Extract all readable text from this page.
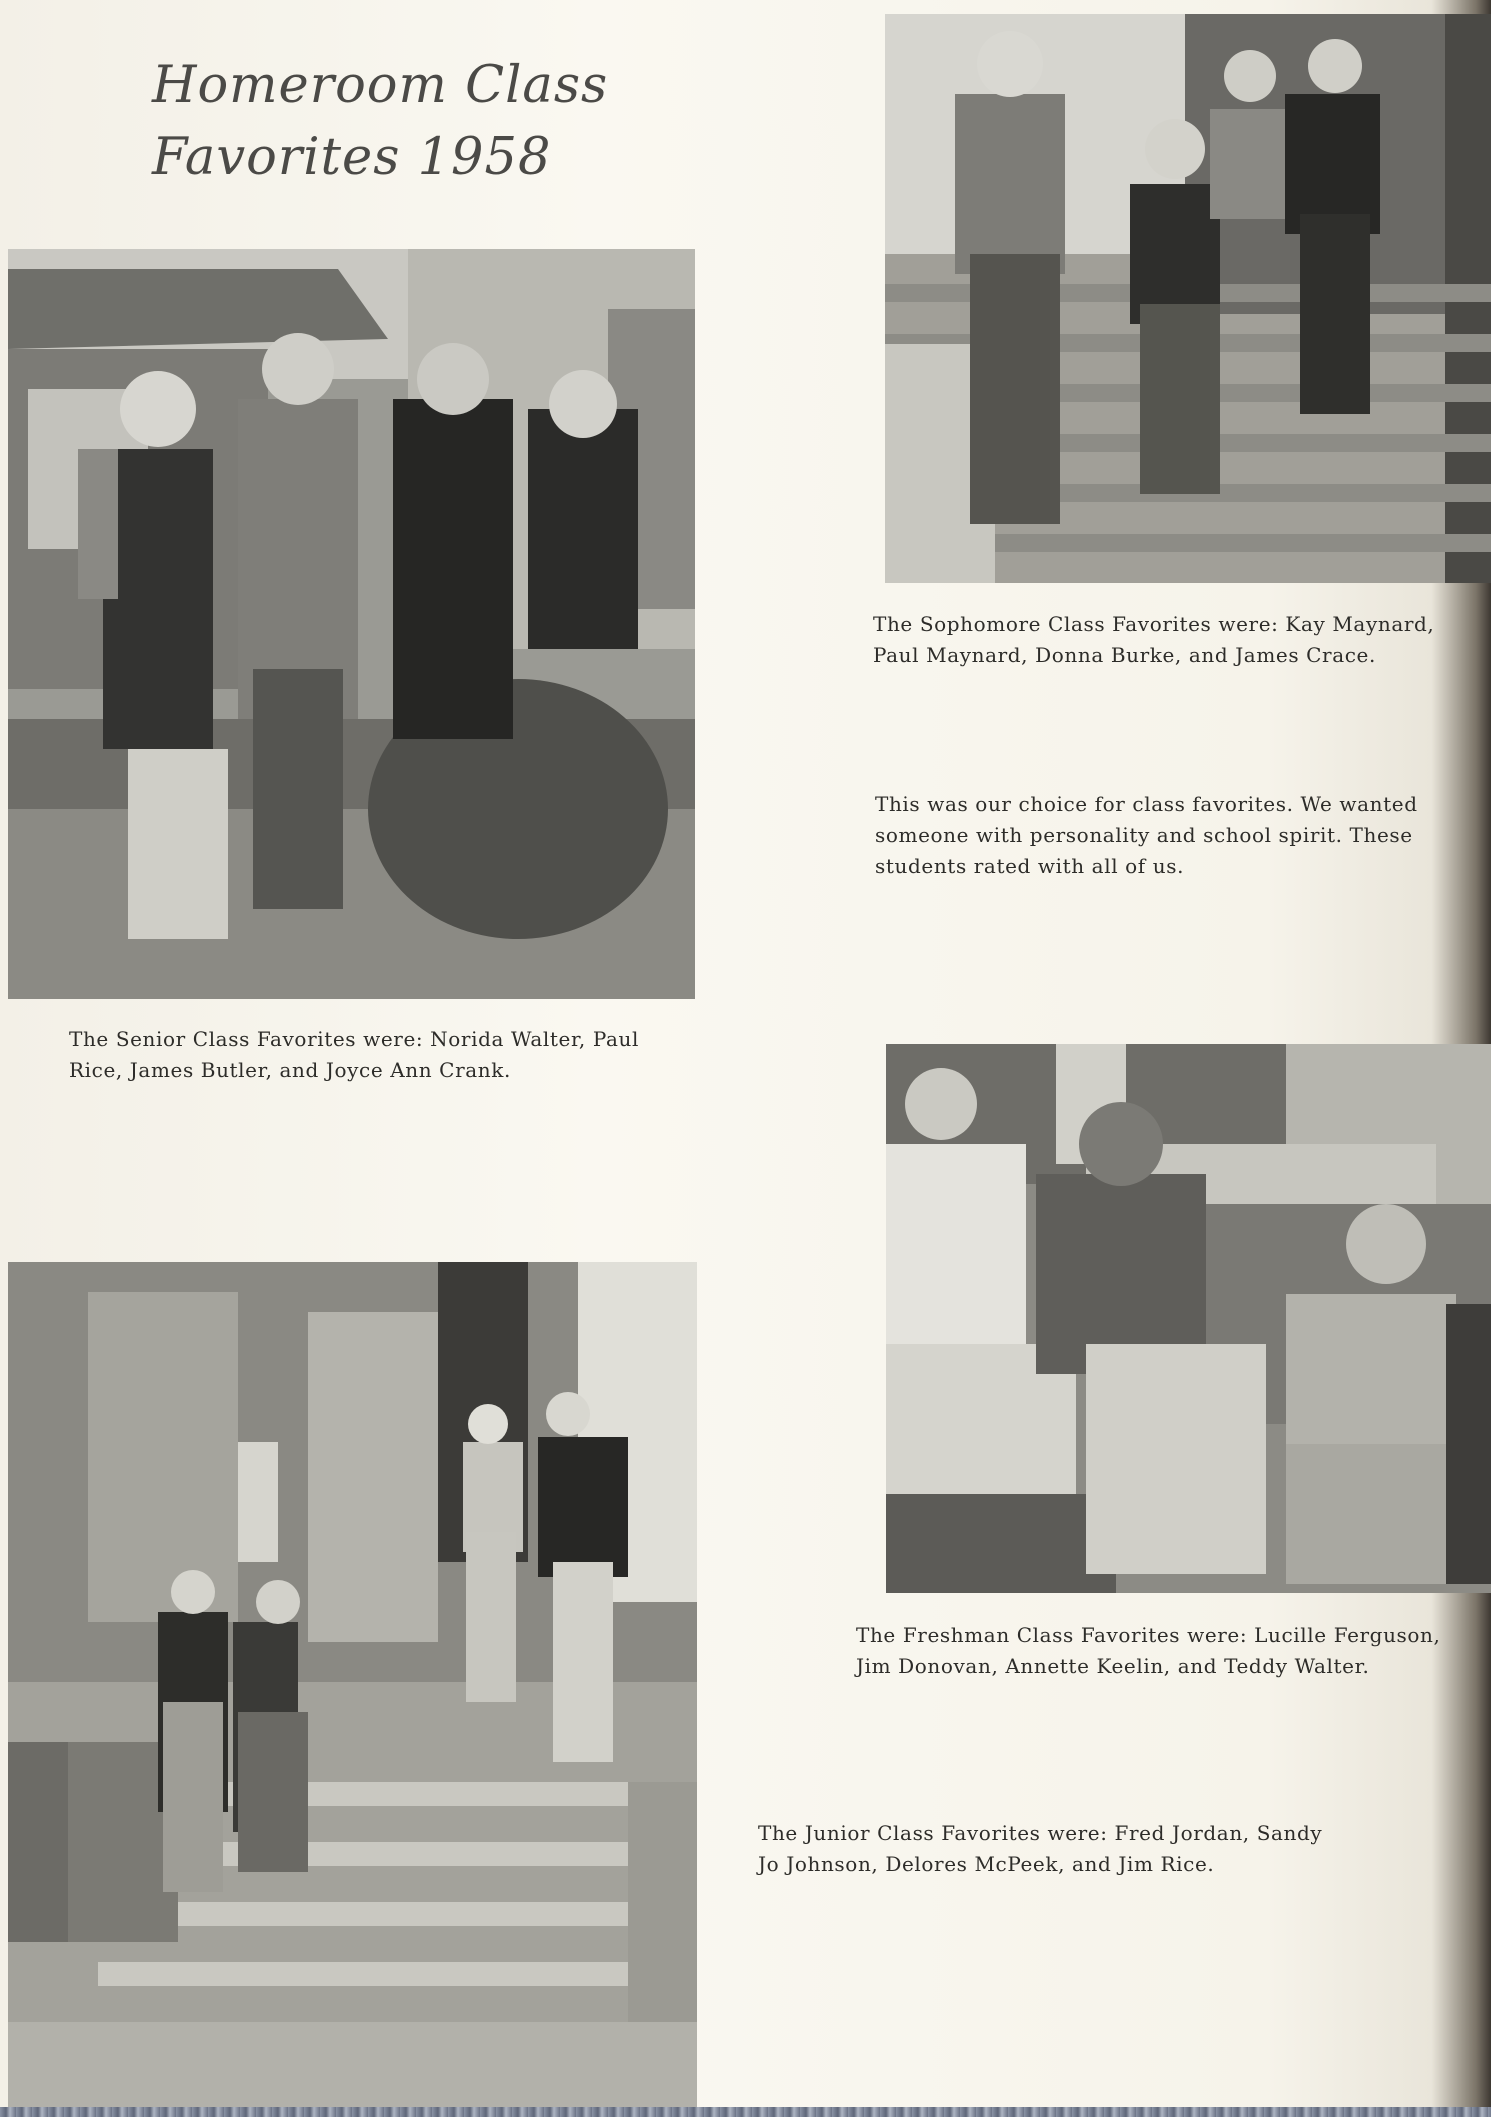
Homeroom Class
Favorites 1958

The Senior Class Favorites were: Norida Walter, Paul
Rice, James Butler, and Joyce Ann Crank.

The Sophomore Class Favorites were: Kay Maynard,
Paul Maynard, Donna Burke, and James Crace.

This was our choice for class favorites. We wanted
someone with personality and school spirit. These
students rated with all of us.

The Freshman Class Favorites were: Lucille Ferguson,
Jim Donovan, Annette Keelin, and Teddy Walter.

The Junior Class Favorites were: Fred Jordan, Sandy
Jo Johnson, Delores McPeek, and Jim Rice.
